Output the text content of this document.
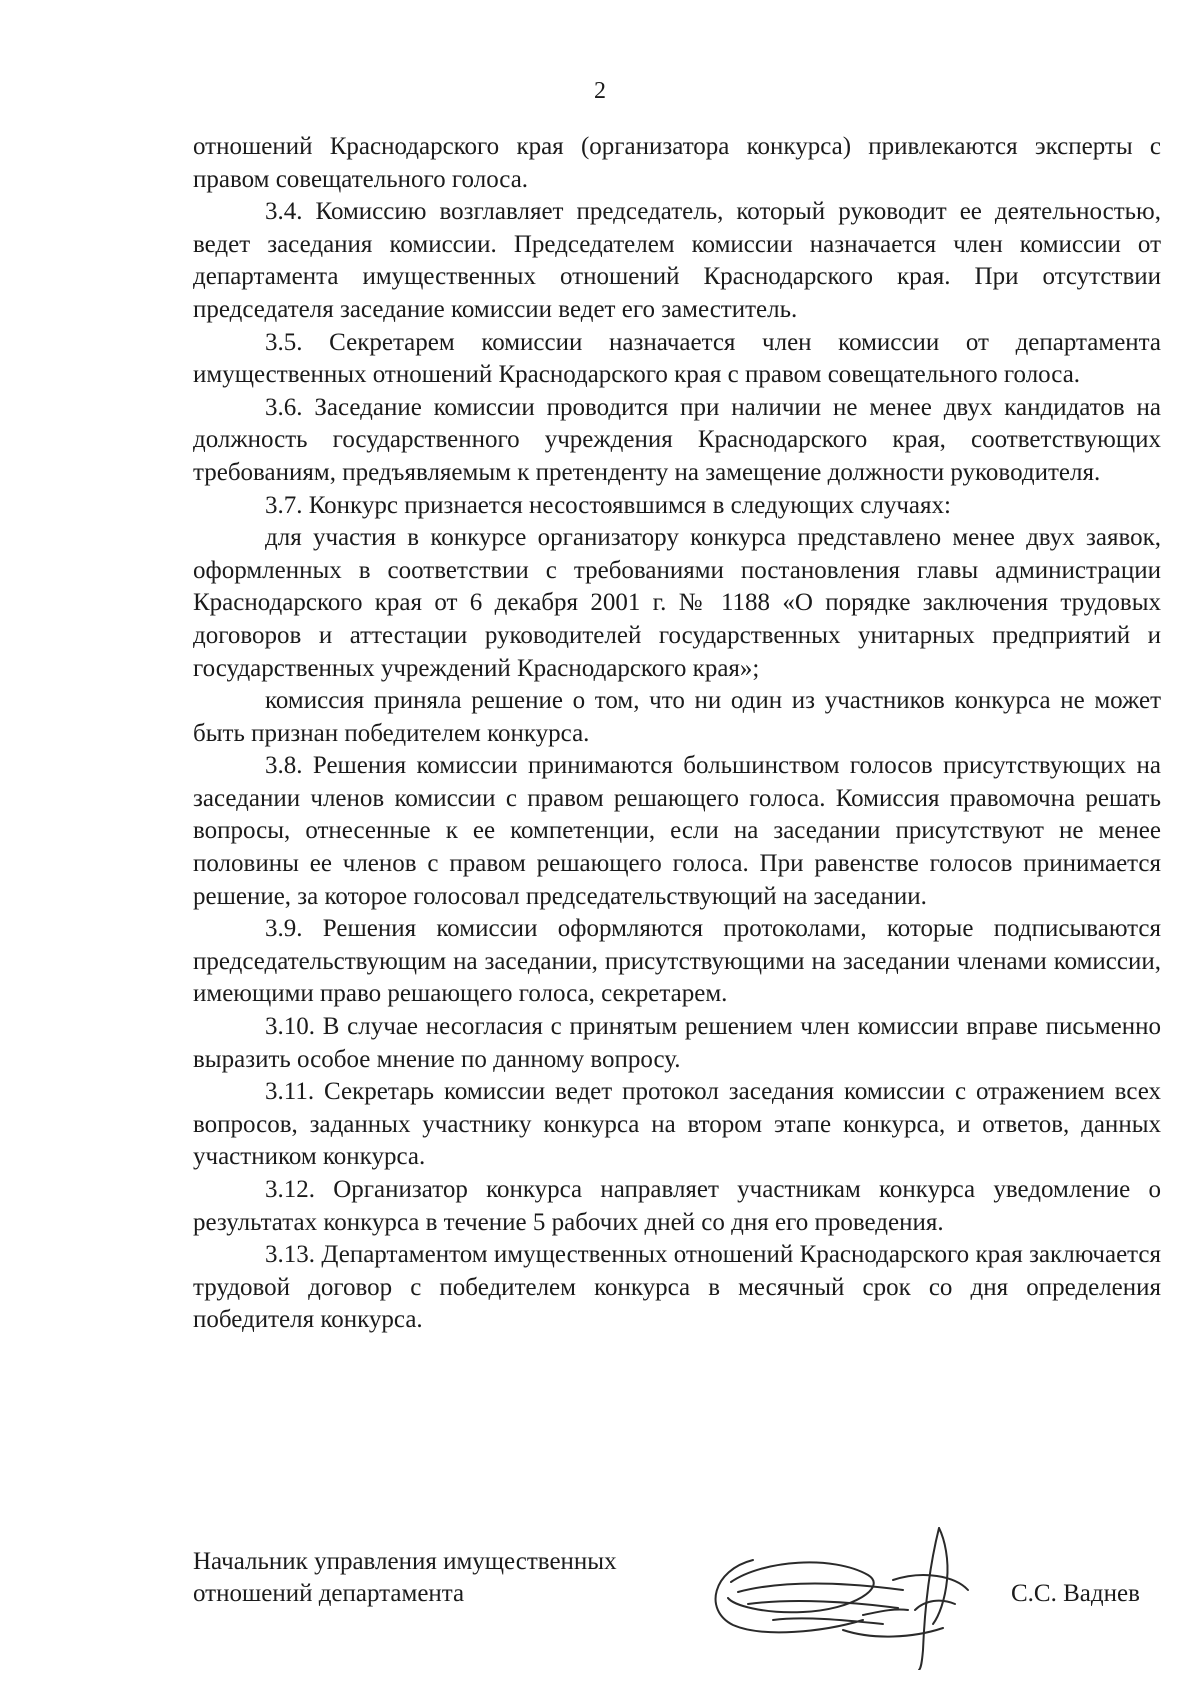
2

отношений Краснодарского края (организатора конкурса) привлекаются эксперты с правом совещательного голоса.

3.4. Комиссию возглавляет председатель, который руководит ее деятельностью, ведет заседания комиссии. Председателем комиссии назначается член комиссии от департамента имущественных отношений Краснодарского края. При отсутствии председателя заседание комиссии ведет его заместитель.

3.5. Секретарем комиссии назначается член комиссии от департамента имущественных отношений Краснодарского края с правом совещательного голоса.

3.6. Заседание комиссии проводится при наличии не менее двух кандидатов на должность государственного учреждения Краснодарского края, соответствующих требованиям, предъявляемым к претенденту на замещение должности руководителя.

3.7. Конкурс признается несостоявшимся в следующих случаях:

для участия в конкурсе организатору конкурса представлено менее двух заявок, оформленных в соответствии с требованиями постановления главы администрации Краснодарского края от 6 декабря 2001 г. № 1188 «О порядке заключения трудовых договоров и аттестации руководителей государственных унитарных предприятий и государственных учреждений Краснодарского края»;

комиссия приняла решение о том, что ни один из участников конкурса не может быть признан победителем конкурса.

3.8. Решения комиссии принимаются большинством голосов присутствующих на заседании членов комиссии с правом решающего голоса. Комиссия правомочна решать вопросы, отнесенные к ее компетенции, если на заседании присутствуют не менее половины ее членов с правом решающего голоса. При равенстве голосов принимается решение, за которое голосовал председательствующий на заседании.

3.9. Решения комиссии оформляются протоколами, которые подписываются председательствующим на заседании, присутствующими на заседании членами комиссии, имеющими право решающего голоса, секретарем.

3.10. В случае несогласия с принятым решением член комиссии вправе письменно выразить особое мнение по данному вопросу.

3.11. Секретарь комиссии ведет протокол заседания комиссии с отражением всех вопросов, заданных участнику конкурса на втором этапе конкурса, и ответов, данных участником конкурса.

3.12. Организатор конкурса направляет участникам конкурса уведомление о результатах конкурса в течение 5 рабочих дней со дня его проведения.

3.13. Департаментом имущественных отношений Краснодарского края заключается трудовой договор с победителем конкурса в месячный срок со дня определения победителя конкурса.

Начальник управления имущественных
отношений департамента	С.С. Ваднев
